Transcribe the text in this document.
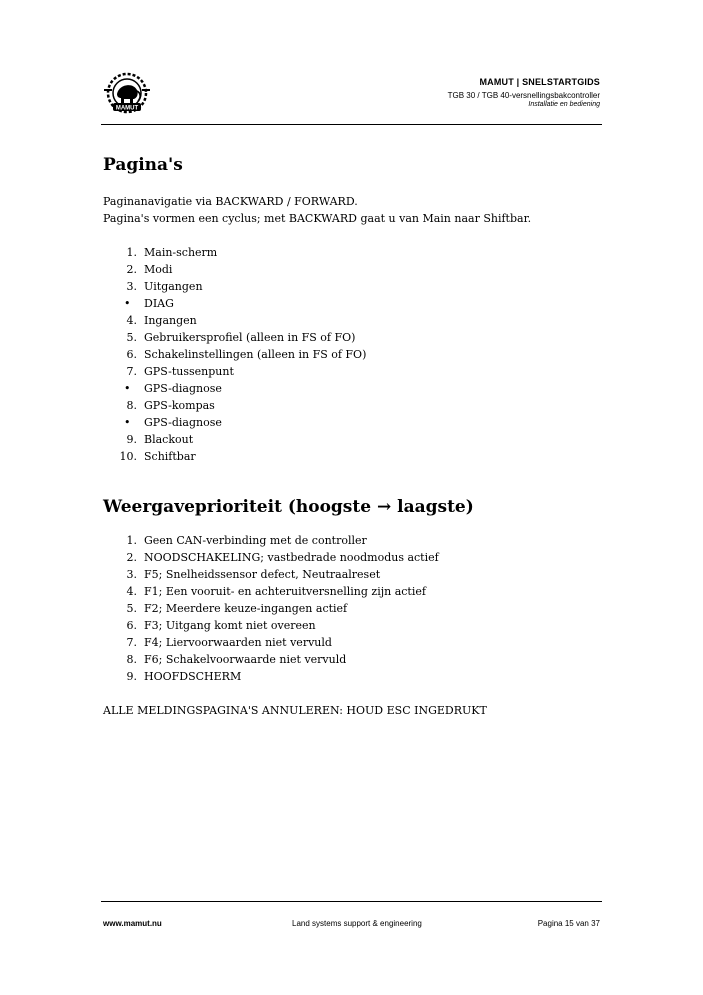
MAMUT
MAMUT | SNELSTARTGIDS
TGB 30 / TGB 40-versnellingsbakcontroller
Installatie en bediening
Pagina's
Paginanavigatie via BACKWARD / FORWARD.
Pagina's vormen een cyclus; met BACKWARD gaat u van Main naar Shiftbar.
1. Main-scherm
2. Modi
3. Uitgangen
•	DIAG
4. Ingangen
5. Gebruikersprofiel (alleen in FS of FO)
6. Schakelinstellingen (alleen in FS of FO)
7. GPS-tussenpunt
•	GPS-diagnose
8. GPS-kompas
•	GPS-diagnose
9. Blackout
10. Schiftbar
Weergaveprioriteit (hoogste → laagste)
1. Geen CAN-verbinding met de controller
2. NOODSCHAKELING; vastbedrade noodmodus actief
3. F5; Snelheidssensor defect, Neutraalreset
4. F1; Een vooruit- en achteruitversnelling zijn actief
5. F2; Meerdere keuze-ingangen actief
6. F3; Uitgang komt niet overeen
7. F4; Liervoorwaarden niet vervuld
8. F6; Schakelvoorwaarde niet vervuld
9. HOOFDSCHERM
ALLE MELDINGSPAGINA'S ANNULEREN: HOUD ESC INGEDRUKT
www.mamut.nu	Land systems support & engineering	Pagina 15 van 37
